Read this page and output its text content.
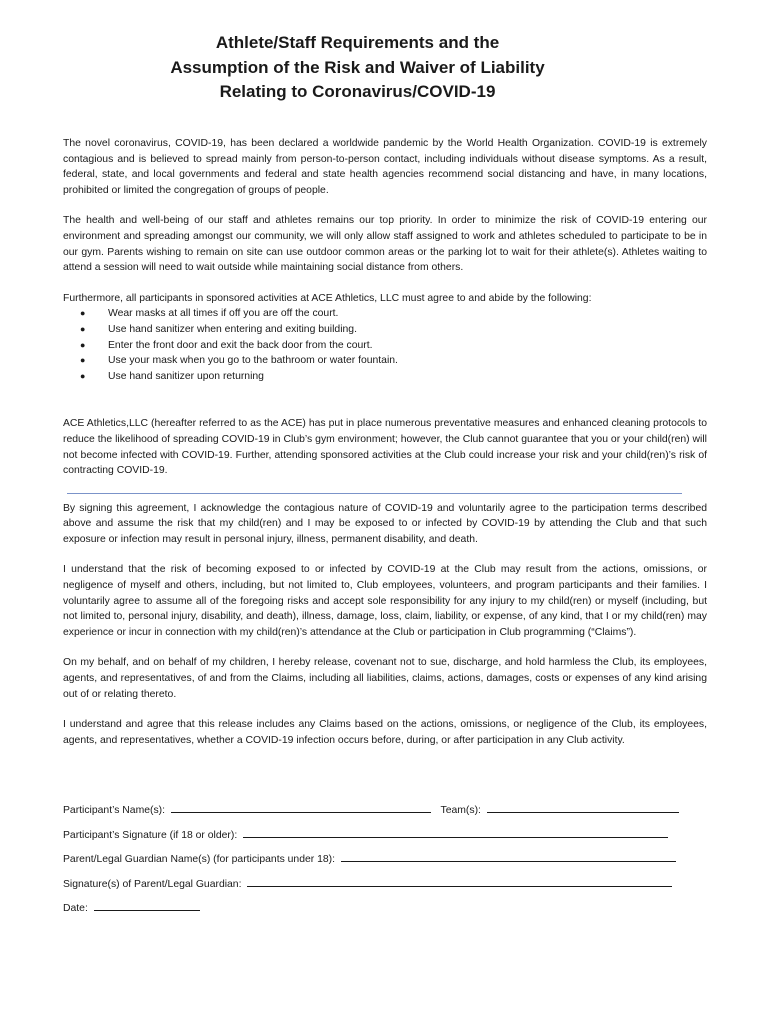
Athlete/Staff Requirements and the
Assumption of the Risk and Waiver of Liability
Relating to Coronavirus/COVID-19

The novel coronavirus, COVID-19, has been declared a worldwide pandemic by the World Health Organization. COVID-19 is extremely contagious and is believed to spread mainly from person-to-person contact, including individuals without disease symptoms. As a result, federal, state, and local governments and federal and state health agencies recommend social distancing and have, in many locations, prohibited or limited the congregation of groups of people.

The health and well-being of our staff and athletes remains our top priority. In order to minimize the risk of COVID-19 entering our environment and spreading amongst our community, we will only allow staff assigned to work and athletes scheduled to participate to be in our gym. Parents wishing to remain on site can use outdoor common areas or the parking lot to wait for their athlete(s). Athletes waiting to attend a session will need to wait outside while maintaining social distance from others.

Furthermore, all participants in sponsored activities at ACE Athletics, LLC must agree to and abide by the following:

● Wear masks at all times if off you are off the court.
● Use hand sanitizer when entering and exiting building.
● Enter the front door and exit the back door from the court.
● Use your mask when you go to the bathroom or water fountain.
● Use hand sanitizer upon returning

ACE Athletics,LLC (hereafter referred to as the ACE) has put in place numerous preventative measures and enhanced cleaning protocols to reduce the likelihood of spreading COVID-19 in Club’s gym environment; however, the Club cannot guarantee that you or your child(ren) will not become infected with COVID-19. Further, attending sponsored activities at the Club could increase your risk and your child(ren)’s risk of contracting COVID-19.

By signing this agreement, I acknowledge the contagious nature of COVID-19 and voluntarily agree to the participation terms described above and assume the risk that my child(ren) and I may be exposed to or infected by COVID-19 by attending the Club and that such exposure or infection may result in personal injury, illness, permanent disability, and death.

I understand that the risk of becoming exposed to or infected by COVID-19 at the Club may result from the actions, omissions, or negligence of myself and others, including, but not limited to, Club employees, volunteers, and program participants and their families. I voluntarily agree to assume all of the foregoing risks and accept sole responsibility for any injury to my child(ren) or myself (including, but not limited to, personal injury, disability, and death), illness, damage, loss, claim, liability, or expense, of any kind, that I or my child(ren) may experience or incur in connection with my child(ren)’s attendance at the Club or participation in Club programming (“Claims”).

On my behalf, and on behalf of my children, I hereby release, covenant not to sue, discharge, and hold harmless the Club, its employees, agents, and representatives, of and from the Claims, including all liabilities, claims, actions, damages, costs or expenses of any kind arising out of or relating thereto.

I understand and agree that this release includes any Claims based on the actions, omissions, or negligence of the Club, its employees, agents, and representatives, whether a COVID-19 infection occurs before, during, or after participation in any Club activity.

Participant’s Name(s):	Team(s):
Participant’s Signature (if 18 or older):
Parent/Legal Guardian Name(s) (for participants under 18):
Signature(s) of Parent/Legal Guardian:
Date:
